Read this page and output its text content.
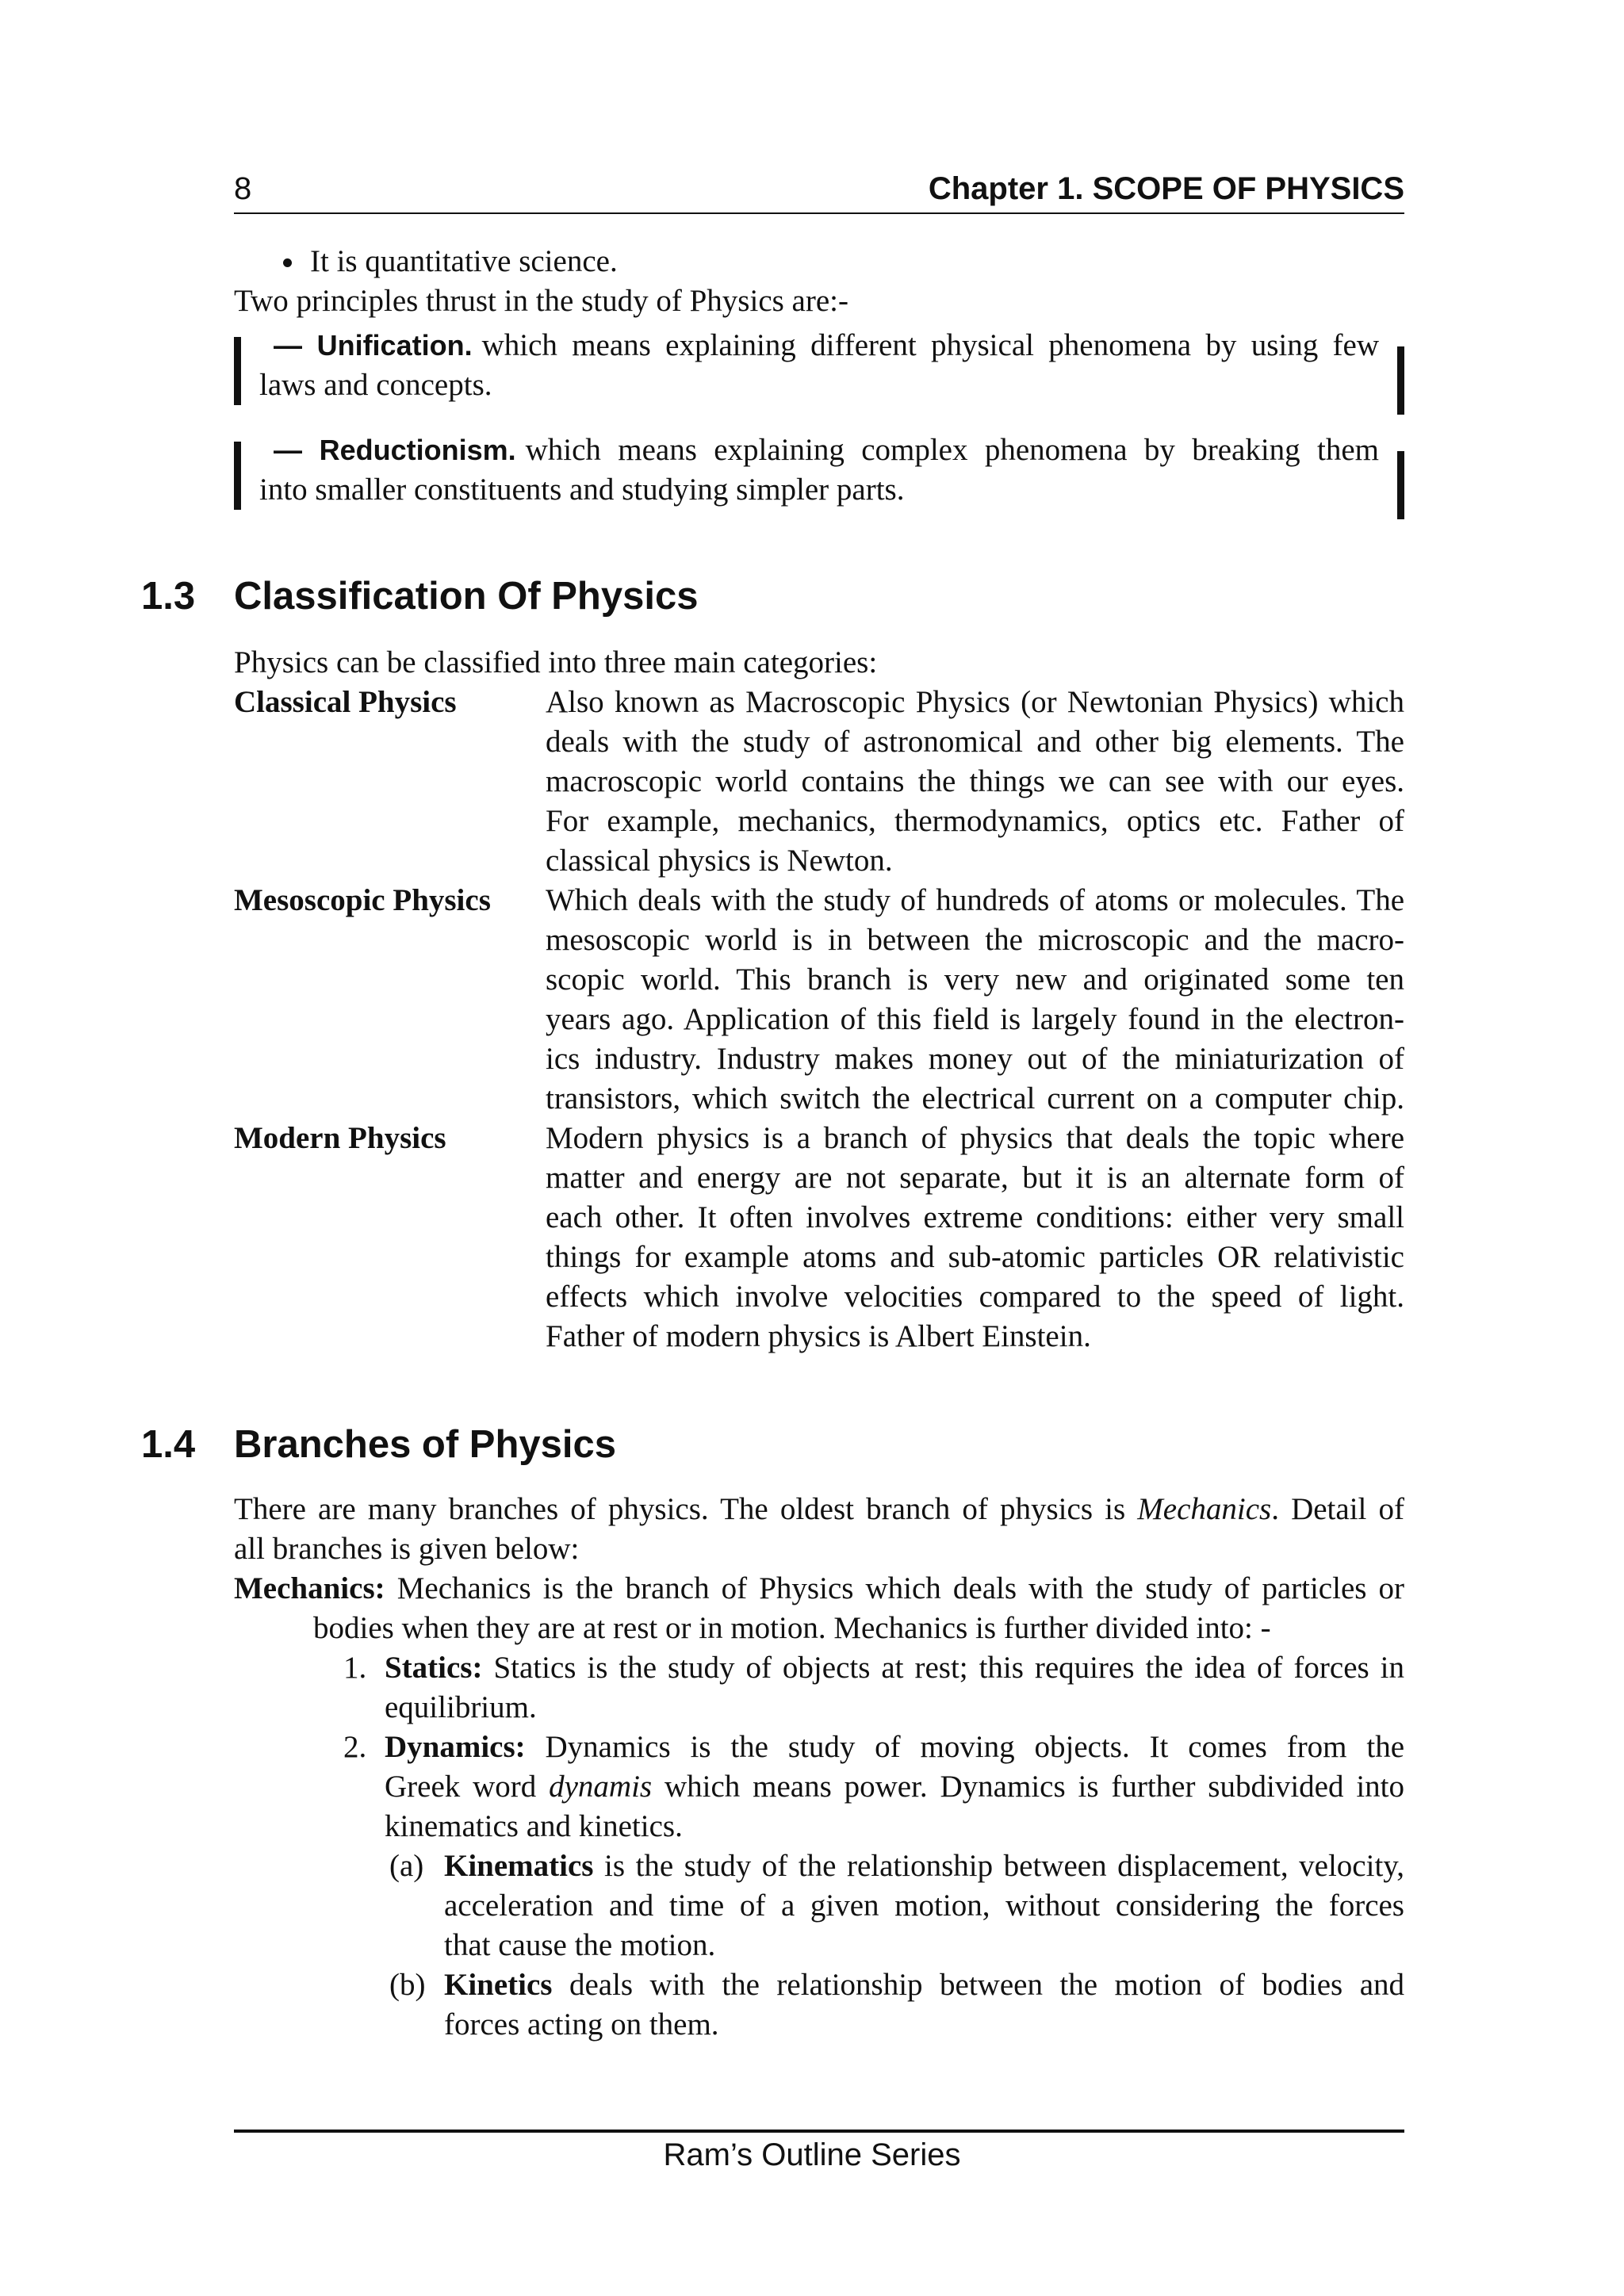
8	Chapter 1. SCOPE OF PHYSICS
It is quantitative science.
Two principles thrust in the study of Physics are:-
— Unification. which means explaining different physical phenomena by using few
laws and concepts.
— Reductionism. which means explaining complex phenomena by breaking them
into smaller constituents and studying simpler parts.
1.3 Classification Of Physics
Physics can be classified into three main categories:
Classical Physics	Also known as Macroscopic Physics (or Newtonian Physics) which
deals with the study of astronomical and other big elements. The
macroscopic world contains the things we can see with our eyes.
For example, mechanics, thermodynamics, optics etc. Father of
classical physics is Newton.
Mesoscopic Physics	Which deals with the study of hundreds of atoms or molecules. The
mesoscopic world is in between the microscopic and the macro-
scopic world. This branch is very new and originated some ten
years ago. Application of this field is largely found in the electron-
ics industry. Industry makes money out of the miniaturization of
transistors, which switch the electrical current on a computer chip.
Modern Physics	Modern physics is a branch of physics that deals the topic where
matter and energy are not separate, but it is an alternate form of
each other. It often involves extreme conditions: either very small
things for example atoms and sub-atomic particles OR relativistic
effects which involve velocities compared to the speed of light.
Father of modern physics is Albert Einstein.
1.4 Branches of Physics
There are many branches of physics. The oldest branch of physics is Mechanics. Detail of
all branches is given below:
Mechanics: Mechanics is the branch of Physics which deals with the study of particles or
bodies when they are at rest or in motion. Mechanics is further divided into: -
1. Statics: Statics is the study of objects at rest; this requires the idea of forces in
equilibrium.
2. Dynamics: Dynamics is the study of moving objects. It comes from the
Greek word dynamis which means power. Dynamics is further subdivided into
kinematics and kinetics.
(a) Kinematics is the study of the relationship between displacement, velocity,
acceleration and time of a given motion, without considering the forces
that cause the motion.
(b) Kinetics deals with the relationship between the motion of bodies and
forces acting on them.
Ram’s Outline Series
